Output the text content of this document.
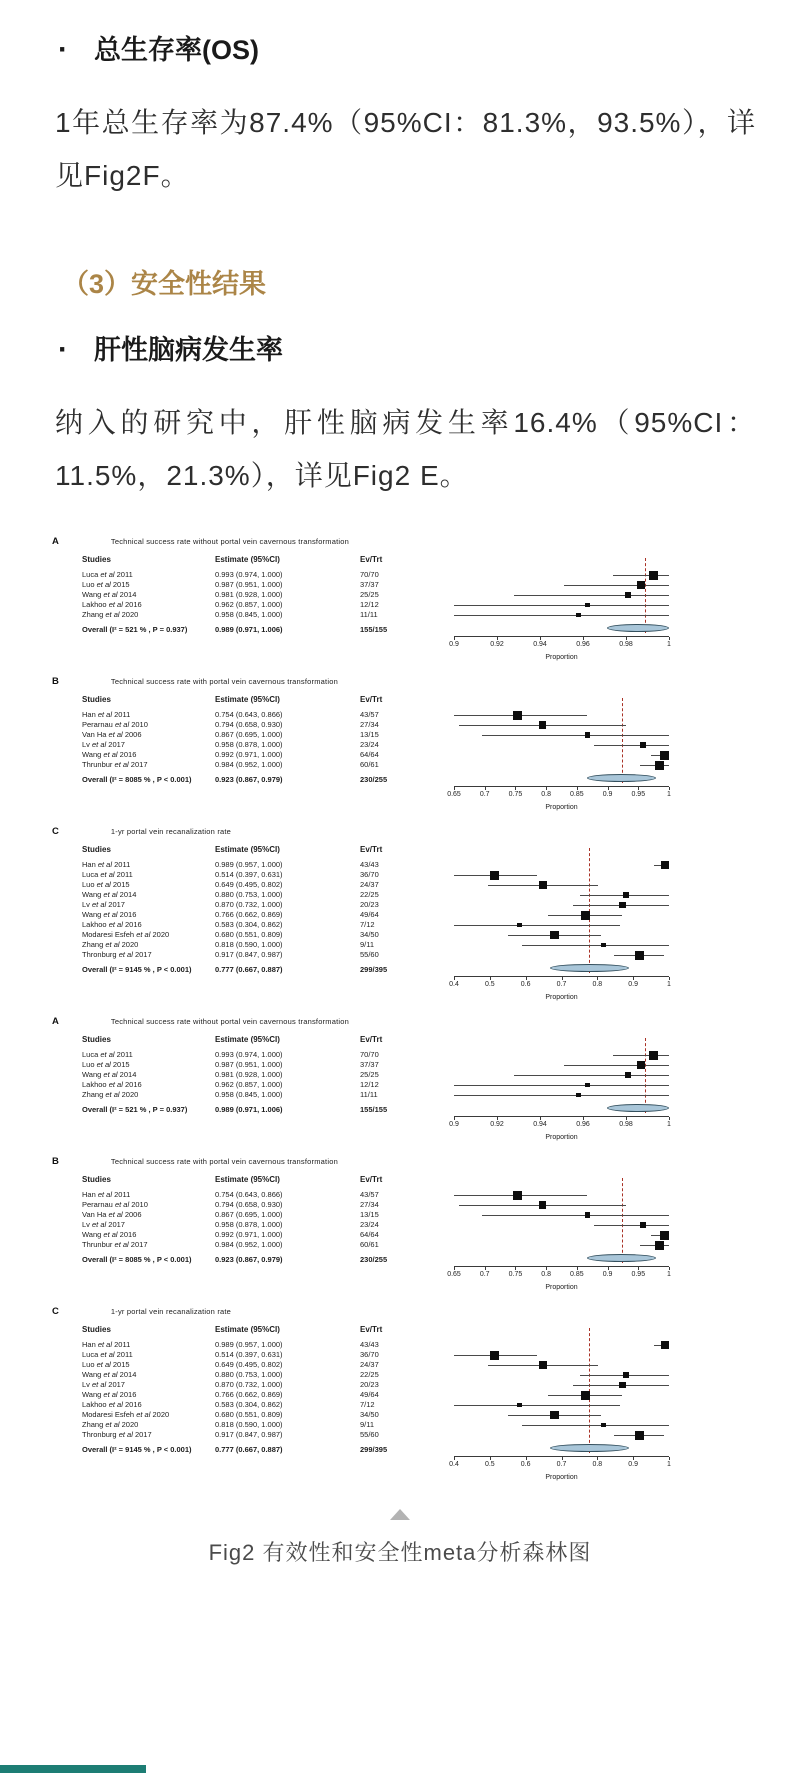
· 总生存率(OS)

1年总生存率为87.4%（95%CI：81.3%，93.5%），详见Fig2F。

（3）安全性结果
· 肝性脑病发生率

纳入的研究中，肝性脑病发生率16.4%（95%CI：11.5%，21.3%），详见Fig2 E。

A	Technical success rate without portal vein cavernous transformation
Studies	Estimate (95%CI)	Ev/Trt
Luca et al 2011	0.993 (0.974, 1.000)	70/70
Luo et al 2015	0.987 (0.951, 1.000)	37/37
Wang et al 2014	0.981 (0.928, 1.000)	25/25
Lakhoo et al 2016	0.962 (0.857, 1.000)	12/12
Zhang et al 2020	0.958 (0.845, 1.000)	11/11
Overall (I² = 521 % , P = 0.937)	0.989 (0.971, 1.006)	155/155
0.9	0.92	0.94	0.96	0.98	1
Proportion
B	Technical success rate with portal vein cavernous transformation
Studies	Estimate (95%CI)	Ev/Trt
Han et al 2011	0.754 (0.643, 0.866)	43/57
Perarnau et al 2010	0.794 (0.658, 0.930)	27/34
Van Ha et al 2006	0.867 (0.695, 1.000)	13/15
Lv et al 2017	0.958 (0.878, 1.000)	23/24
Wang et al 2016	0.992 (0.971, 1.000)	64/64
Thrunbur et al 2017	0.984 (0.952, 1.000)	60/61
Overall (I² = 8085 % , P < 0.001)	0.923 (0.867, 0.979)	230/255
0.65	0.7	0.75	0.8	0.85	0.9	0.95	1
Proportion
C	1-yr portal vein recanalization rate
Studies	Estimate (95%CI)	Ev/Trt
Han et al 2011	0.989 (0.957, 1.000)	43/43
Luca et al 2011	0.514 (0.397, 0.631)	36/70
Luo et al 2015	0.649 (0.495, 0.802)	24/37
Wang et al 2014	0.880 (0.753, 1.000)	22/25
Lv et al 2017	0.870 (0.732, 1.000)	20/23
Wang et al 2016	0.766 (0.662, 0.869)	49/64
Lakhoo et al 2016	0.583 (0.304, 0.862)	7/12
Modaresi Esfeh et al 2020	0.680 (0.551, 0.809)	34/50
Zhang et al 2020	0.818 (0.590, 1.000)	9/11
Thronburg et al 2017	0.917 (0.847, 0.987)	55/60
Overall (I² = 9145 % , P < 0.001)	0.777 (0.667, 0.887)	299/395
0.4	0.5	0.6	0.7	0.8	0.9	1
Proportion
A	Technical success rate without portal vein cavernous transformation
Studies	Estimate (95%CI)	Ev/Trt
Luca et al 2011	0.993 (0.974, 1.000)	70/70
Luo et al 2015	0.987 (0.951, 1.000)	37/37
Wang et al 2014	0.981 (0.928, 1.000)	25/25
Lakhoo et al 2016	0.962 (0.857, 1.000)	12/12
Zhang et al 2020	0.958 (0.845, 1.000)	11/11
Overall (I² = 521 % , P = 0.937)	0.989 (0.971, 1.006)	155/155
0.9	0.92	0.94	0.96	0.98	1
Proportion
B	Technical success rate with portal vein cavernous transformation
Studies	Estimate (95%CI)	Ev/Trt
Han et al 2011	0.754 (0.643, 0.866)	43/57
Perarnau et al 2010	0.794 (0.658, 0.930)	27/34
Van Ha et al 2006	0.867 (0.695, 1.000)	13/15
Lv et al 2017	0.958 (0.878, 1.000)	23/24
Wang et al 2016	0.992 (0.971, 1.000)	64/64
Thrunbur et al 2017	0.984 (0.952, 1.000)	60/61
Overall (I² = 8085 % , P < 0.001)	0.923 (0.867, 0.979)	230/255
0.65	0.7	0.75	0.8	0.85	0.9	0.95	1
Proportion
C	1-yr portal vein recanalization rate
Studies	Estimate (95%CI)	Ev/Trt
Han et al 2011	0.989 (0.957, 1.000)	43/43
Luca et al 2011	0.514 (0.397, 0.631)	36/70
Luo et al 2015	0.649 (0.495, 0.802)	24/37
Wang et al 2014	0.880 (0.753, 1.000)	22/25
Lv et al 2017	0.870 (0.732, 1.000)	20/23
Wang et al 2016	0.766 (0.662, 0.869)	49/64
Lakhoo et al 2016	0.583 (0.304, 0.862)	7/12
Modaresi Esfeh et al 2020	0.680 (0.551, 0.809)	34/50
Zhang et al 2020	0.818 (0.590, 1.000)	9/11
Thronburg et al 2017	0.917 (0.847, 0.987)	55/60
Overall (I² = 9145 % , P < 0.001)	0.777 (0.667, 0.887)	299/395
0.4	0.5	0.6	0.7	0.8	0.9	1
Proportion
Fig2 有效性和安全性meta分析森林图
